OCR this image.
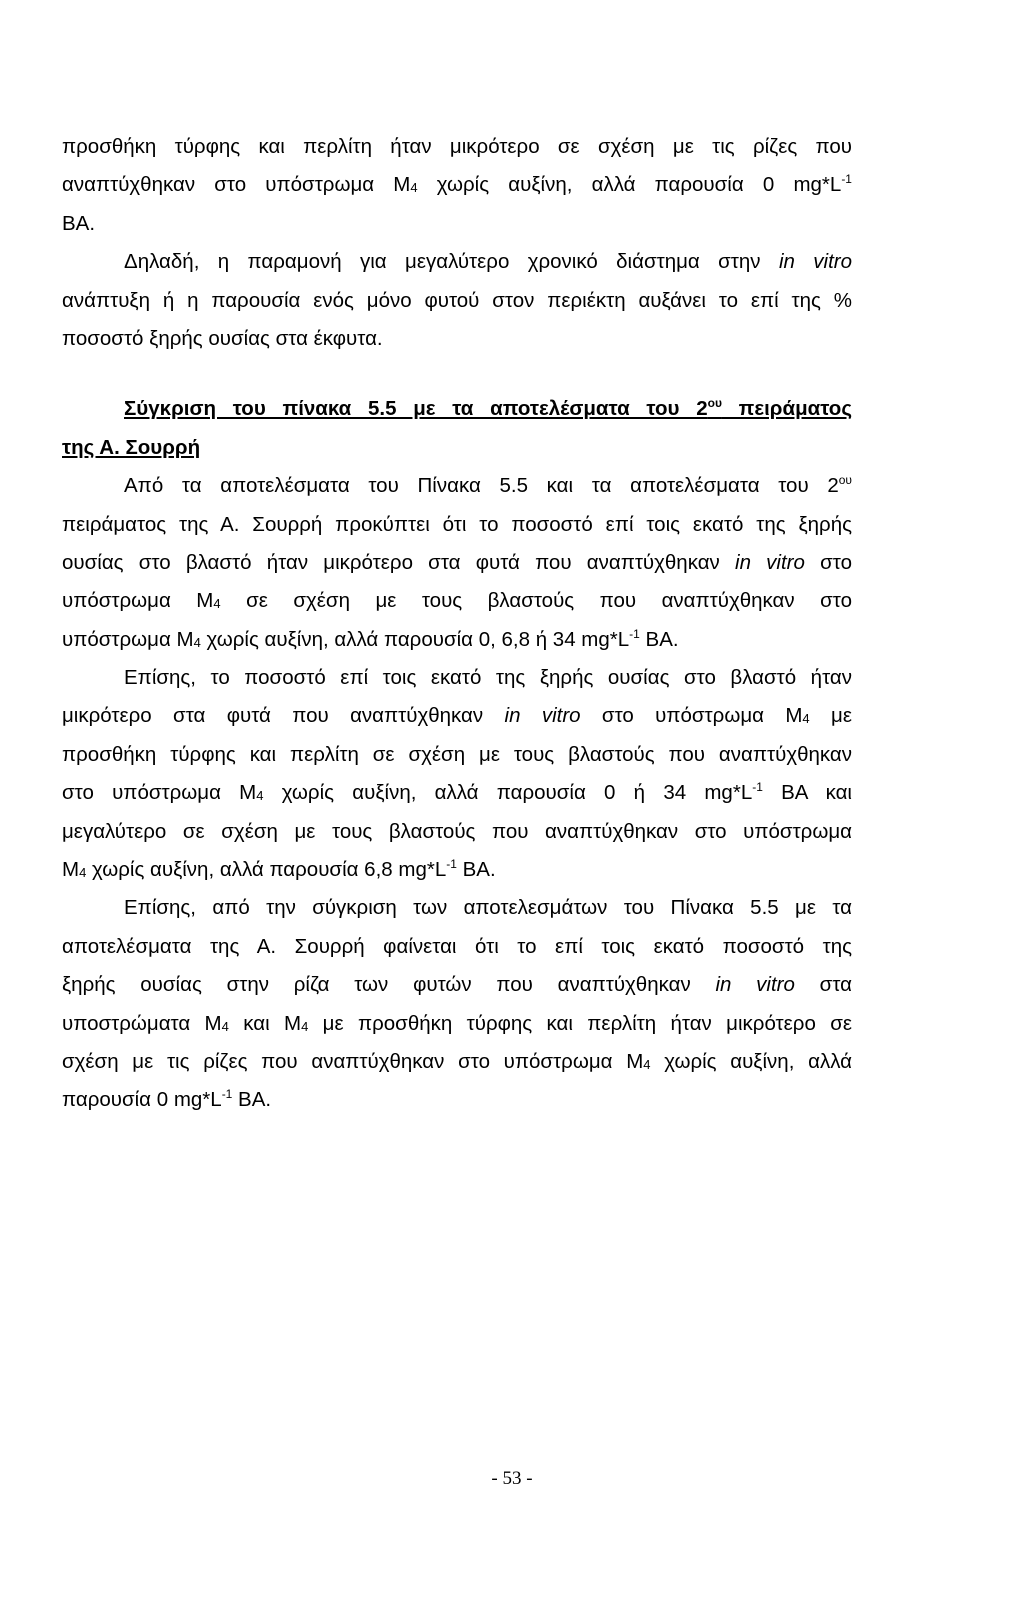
προσθήκη τύρφης και περλίτη ήταν μικρότερο σε σχέση με τις ρίζες που
αναπτύχθηκαν στο υπόστρωμα $M_4$ χωρίς αυξίνη, αλλά παρουσία 0 $mg*L^{-1}$
BA.
Δηλαδή, η παραμονή για μεγαλύτερο χρονικό διάστημα στην in vitro
ανάπτυξη ή η παρουσία ενός μόνο φυτού στον περιέκτη αυξάνει το επί της %
ποσοστό ξηρής ουσίας στα έκφυτα.
Σύγκριση του πίνακα 5.5 με τα αποτελέσματα του $2^{o\upsilon}$ πειράματος
της Α. Σουρρή
Από τα αποτελέσματα του Πίνακα 5.5 και τα αποτελέσματα του $2^{o\upsilon}$
πειράματος της Α. Σουρρή προκύπτει ότι το ποσοστό επί τοις εκατό της ξηρής
ουσίας στο βλαστό ήταν μικρότερο στα φυτά που αναπτύχθηκαν in vitro στο
υπόστρωμα $M_4$ σε σχέση με τους βλαστούς που αναπτύχθηκαν στο
υπόστρωμα $M_4$ χωρίς αυξίνη, αλλά παρουσία 0, 6,8 ή 34 $mg*L^{-1}$ BA.
Επίσης, το ποσοστό επί τοις εκατό της ξηρής ουσίας στο βλαστό ήταν
μικρότερο στα φυτά που αναπτύχθηκαν in vitro στο υπόστρωμα $M_4$ με
προσθήκη τύρφης και περλίτη σε σχέση με τους βλαστούς που αναπτύχθηκαν
στο υπόστρωμα $M_4$ χωρίς αυξίνη, αλλά παρουσία 0 ή 34 $mg*L^{-1}$ BA και
μεγαλύτερο σε σχέση με τους βλαστούς που αναπτύχθηκαν στο υπόστρωμα
$M_4$ χωρίς αυξίνη, αλλά παρουσία 6,8 $mg*L^{-1}$ BA.
Επίσης, από την σύγκριση των αποτελεσμάτων του Πίνακα 5.5 με τα
αποτελέσματα της Α. Σουρρή φαίνεται ότι το επί τοις εκατό ποσοστό της
ξηρής ουσίας στην ρίζα των φυτών που αναπτύχθηκαν in vitro στα
υποστρώματα $M_4$ και $M_4$ με προσθήκη τύρφης και περλίτη ήταν μικρότερο σε
σχέση με τις ρίζες που αναπτύχθηκαν στο υπόστρωμα $M_4$ χωρίς αυξίνη, αλλά
παρουσία 0 $mg*L^{-1}$ BA.
- 53 -
